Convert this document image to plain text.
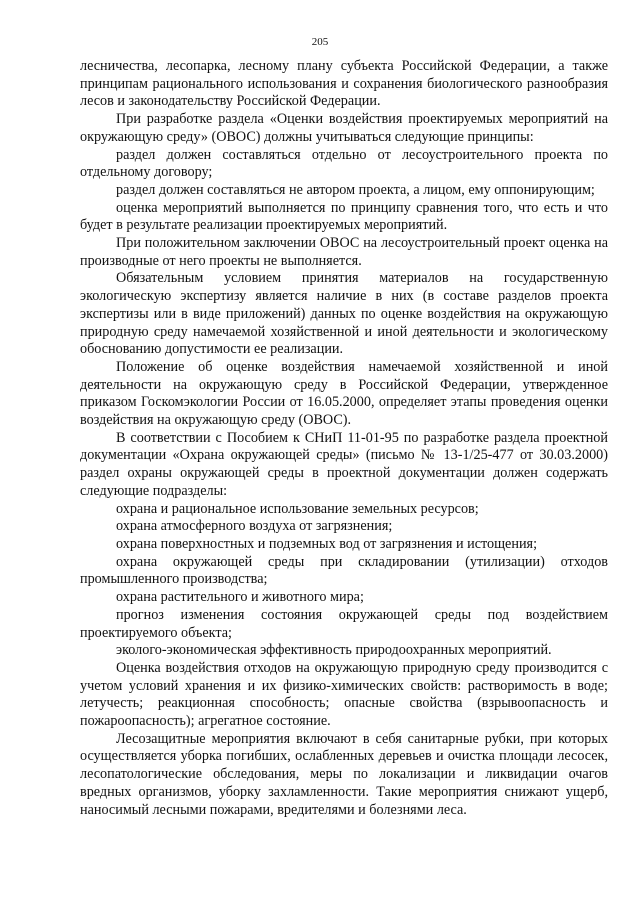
205

лесничества, лесопарка, лесному плану субъекта Российской Федерации, а также принципам рационального использования и сохранения биологического разнообразия лесов и законодательству Российской Федерации.

При разработке раздела «Оценки воздействия проектируемых мероприятий на окружающую среду» (ОВОС) должны учитываться следующие принципы:

раздел должен составляться отдельно от лесоустроительного проекта по отдельному договору;

раздел должен составляться не автором проекта, а лицом, ему оппонирующим;

оценка мероприятий выполняется по принципу сравнения того, что есть и что будет в результате реализации проектируемых мероприятий.

При положительном заключении ОВОС на лесоустроительный проект оценка на производные от него проекты не выполняется.

Обязательным условием принятия материалов на государственную экологическую экспертизу является наличие в них (в составе разделов проекта экспертизы или в виде приложений) данных по оценке воздействия на окружающую природную среду намечаемой хозяйственной и иной деятельности и экологическому обоснованию допустимости ее реализации.

Положение об оценке воздействия намечаемой хозяйственной и иной деятельности на окружающую среду в Российской Федерации, утвержденное приказом Госкомэкологии России от 16.05.2000, определяет этапы проведения оценки воздействия на окружающую среду (ОВОС).

В соответствии с Пособием к СНиП 11-01-95 по разработке раздела проектной документации «Охрана окружающей среды» (письмо № 13-1/25-477 от 30.03.2000) раздел охраны окружающей среды в проектной документации должен содержать следующие подразделы:

охрана и рациональное использование земельных ресурсов;

охрана атмосферного воздуха от загрязнения;

охрана поверхностных и подземных вод от загрязнения и истощения;

охрана окружающей среды при складировании (утилизации) отходов промышленного производства;

охрана растительного и животного мира;

прогноз изменения состояния окружающей среды под воздействием проектируемого объекта;

эколого-экономическая эффективность природоохранных мероприятий.

Оценка воздействия отходов на окружающую природную среду производится с учетом условий хранения и их физико-химических свойств: растворимость в воде; летучесть; реакционная способность; опасные свойства (взрывоопасность и пожароопасность); агрегатное состояние.

Лесозащитные мероприятия включают в себя санитарные рубки, при которых осуществляется уборка погибших, ослабленных деревьев и очистка площади лесосек, лесопатологические обследования, меры по локализации и ликвидации очагов вредных организмов, уборку захламленности. Такие мероприятия снижают ущерб, наносимый лесными пожарами, вредителями и болезнями леса.
